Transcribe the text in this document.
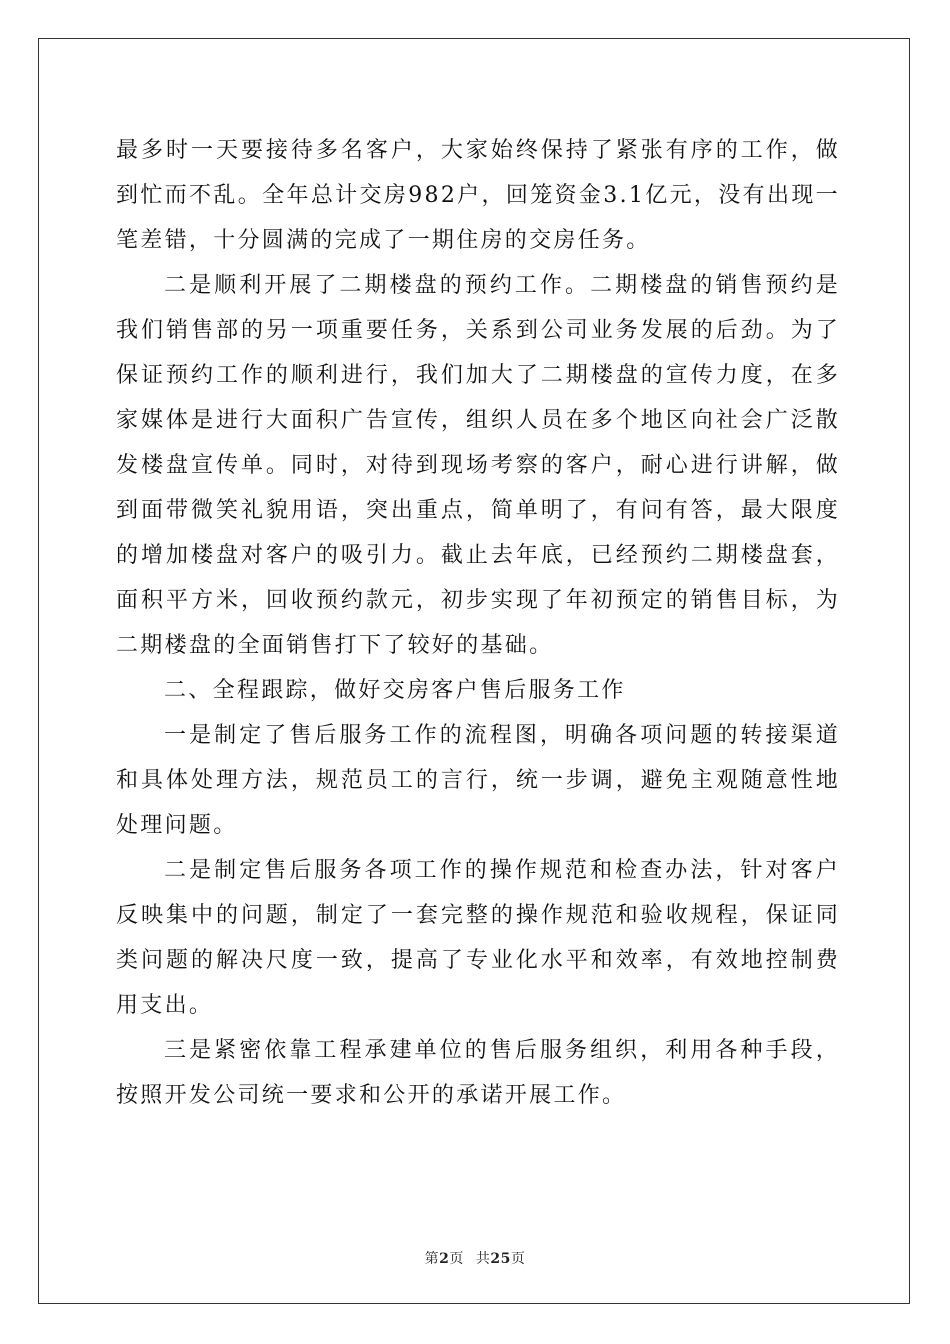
最多时一天要接待多名客户，大家始终保持了紧张有序的工作，做到忙而不乱。全年总计交房982户，回笼资金3.1亿元，没有出现一笔差错，十分圆满的完成了一期住房的交房任务。

二是顺利开展了二期楼盘的预约工作。二期楼盘的销售预约是我们销售部的另一项重要任务，关系到公司业务发展的后劲。为了保证预约工作的顺利进行，我们加大了二期楼盘的宣传力度，在多家媒体是进行大面积广告宣传，组织人员在多个地区向社会广泛散发楼盘宣传单。同时，对待到现场考察的客户，耐心进行讲解，做到面带微笑礼貌用语，突出重点，简单明了，有问有答，最大限度的增加楼盘对客户的吸引力。截止去年底，已经预约二期楼盘套，面积平方米，回收预约款元，初步实现了年初预定的销售目标，为二期楼盘的全面销售打下了较好的基础。

二、全程跟踪，做好交房客户售后服务工作

一是制定了售后服务工作的流程图，明确各项问题的转接渠道和具体处理方法，规范员工的言行，统一步调，避免主观随意性地处理问题。

二是制定售后服务各项工作的操作规范和检查办法，针对客户反映集中的问题，制定了一套完整的操作规范和验收规程，保证同类问题的解决尺度一致，提高了专业化水平和效率，有效地控制费用支出。

三是紧密依靠工程承建单位的售后服务组织，利用各种手段，按照开发公司统一要求和公开的承诺开展工作。

第2页 共25页
